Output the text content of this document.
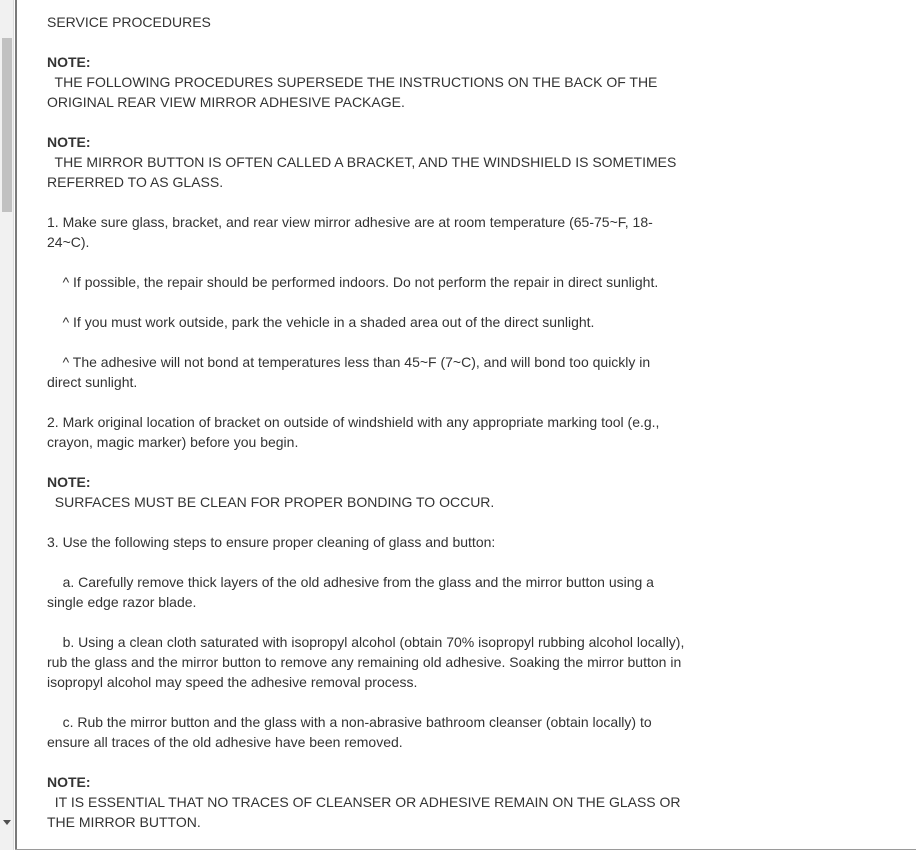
SERVICE PROCEDURES

NOTE:
THE FOLLOWING PROCEDURES SUPERSEDE THE INSTRUCTIONS ON THE BACK OF THE ORIGINAL REAR VIEW MIRROR ADHESIVE PACKAGE.

NOTE:
THE MIRROR BUTTON IS OFTEN CALLED A BRACKET, AND THE WINDSHIELD IS SOMETIMES REFERRED TO AS GLASS.

1. Make sure glass, bracket, and rear view mirror adhesive are at room temperature (65-75~F, 18-24~C).

^ If possible, the repair should be performed indoors. Do not perform the repair in direct sunlight.

^ If you must work outside, park the vehicle in a shaded area out of the direct sunlight.

^ The adhesive will not bond at temperatures less than 45~F (7~C), and will bond too quickly in direct sunlight.

2. Mark original location of bracket on outside of windshield with any appropriate marking tool (e.g., crayon, magic marker) before you begin.

NOTE:
SURFACES MUST BE CLEAN FOR PROPER BONDING TO OCCUR.

3. Use the following steps to ensure proper cleaning of glass and button:

a. Carefully remove thick layers of the old adhesive from the glass and the mirror button using a single edge razor blade.

b. Using a clean cloth saturated with isopropyl alcohol (obtain 70% isopropyl rubbing alcohol locally), rub the glass and the mirror button to remove any remaining old adhesive. Soaking the mirror button in isopropyl alcohol may speed the adhesive removal process.

c. Rub the mirror button and the glass with a non-abrasive bathroom cleanser (obtain locally) to ensure all traces of the old adhesive have been removed.

NOTE:
IT IS ESSENTIAL THAT NO TRACES OF CLEANSER OR ADHESIVE REMAIN ON THE GLASS OR THE MIRROR BUTTON.
